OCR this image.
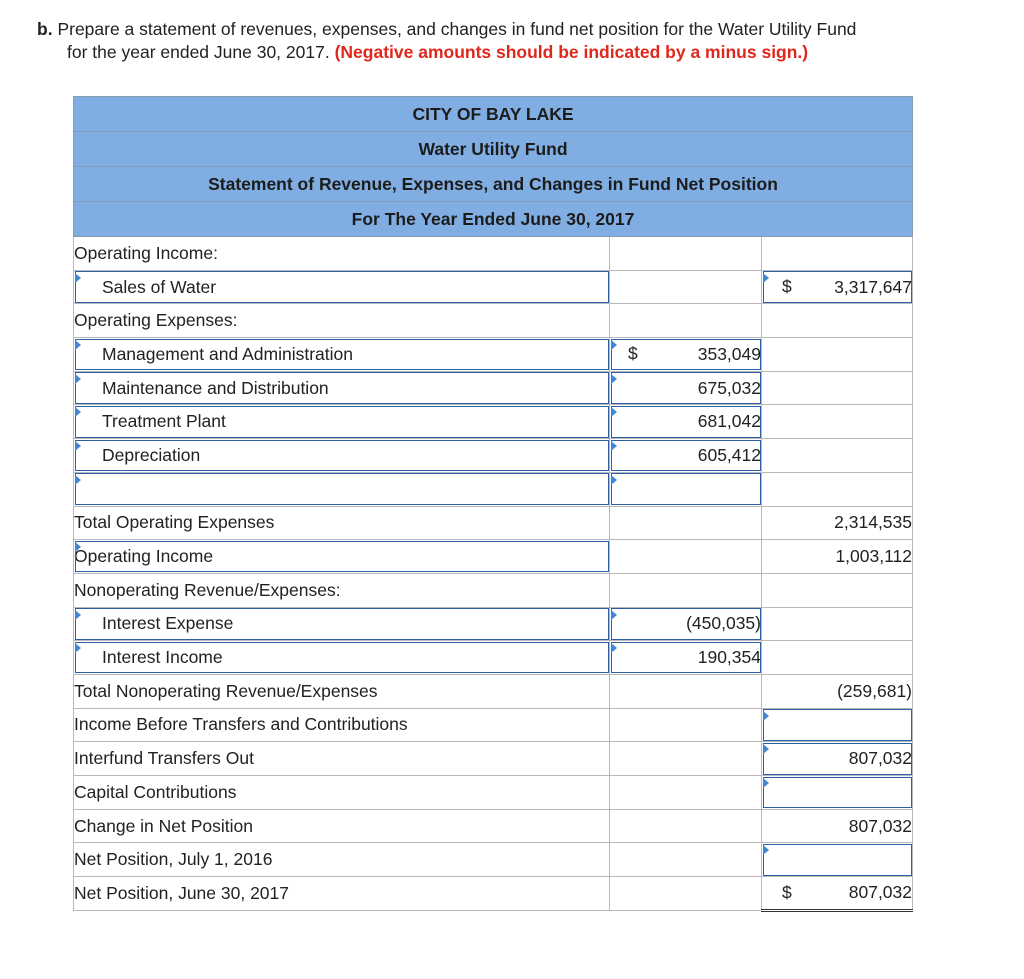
b. Prepare a statement of revenues, expenses, and changes in fund net position for the Water Utility Fund
for the year ended June 30, 2017. (Negative amounts should be indicated by a minus sign.)
CITY OF BAY LAKE		
Water Utility Fund		
Statement of Revenue, Expenses, and Changes in Fund Net Position		
For The Year Ended June 30, 2017		
Operating Income:		
Sales of Water		$ 3,317,647
Operating Expenses:		
Management and Administration	$ 353,049	
Maintenance and Distribution	675,032	
Treatment Plant	681,042	
Depreciation	605,412	

Total Operating Expenses		2,314,535
Operating Income		1,003,112
Nonoperating Revenue/Expenses:		
Interest Expense	(450,035)	
Interest Income	190,354	
Total Nonoperating Revenue/Expenses		(259,681)
Income Before Transfers and Contributions		
Interfund Transfers Out		807,032
Capital Contributions		
Change in Net Position		807,032
Net Position, July 1, 2016		
Net Position, June 30, 2017		$ 807,032
